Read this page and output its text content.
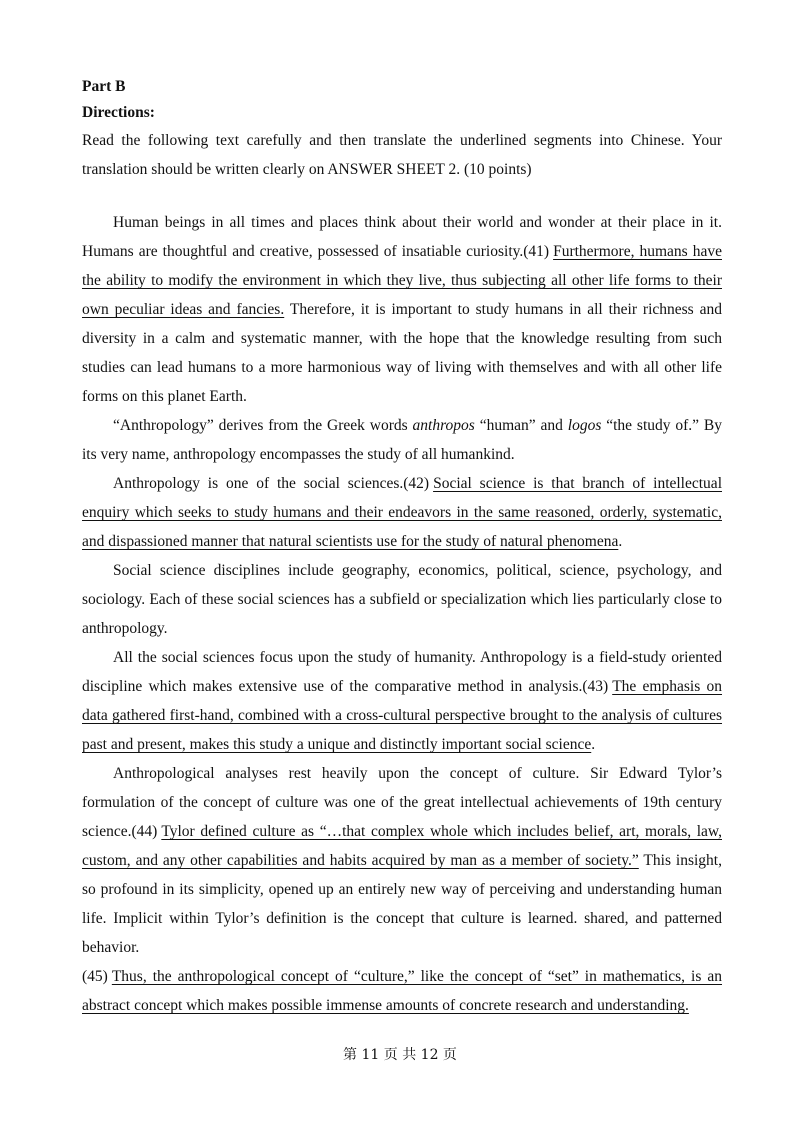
Part B
Directions:

Read the following text carefully and then translate the underlined segments into Chinese. Your translation should be written clearly on ANSWER SHEET 2. (10 points)

Human beings in all times and places think about their world and wonder at their place in it. Humans are thoughtful and creative, possessed of insatiable curiosity.(41) Furthermore, humans have the ability to modify the environment in which they live, thus subjecting all other life forms to their own peculiar ideas and fancies. Therefore, it is important to study humans in all their richness and diversity in a calm and systematic manner, with the hope that the knowledge resulting from such studies can lead humans to a more harmonious way of living with themselves and with all other life forms on this planet Earth.

“Anthropology” derives from the Greek words anthropos “human” and logos “the study of.” By its very name, anthropology encompasses the study of all humankind.

Anthropology is one of the social sciences.(42) Social science is that branch of intellectual enquiry which seeks to study humans and their endeavors in the same reasoned, orderly, systematic, and dispassioned manner that natural scientists use for the study of natural phenomena.

Social science disciplines include geography, economics, political, science, psychology, and sociology. Each of these social sciences has a subfield or specialization which lies particularly close to anthropology.

All the social sciences focus upon the study of humanity. Anthropology is a field-study oriented discipline which makes extensive use of the comparative method in analysis.(43) The emphasis on data gathered first-hand, combined with a cross-cultural perspective brought to the analysis of cultures past and present, makes this study a unique and distinctly important social science.

Anthropological analyses rest heavily upon the concept of culture. Sir Edward Tylor’s formulation of the concept of culture was one of the great intellectual achievements of 19th century science.(44) Tylor defined culture as “…that complex whole which includes belief, art, morals, law, custom, and any other capabilities and habits acquired by man as a member of society.” This insight, so profound in its simplicity, opened up an entirely new way of perceiving and understanding human life. Implicit within Tylor’s definition is the concept that culture is learned. shared, and patterned behavior.

(45) Thus, the anthropological concept of “culture,” like the concept of “set” in mathematics, is an abstract concept which makes possible immense amounts of concrete research and understanding.

第 11 页 共 12 页
